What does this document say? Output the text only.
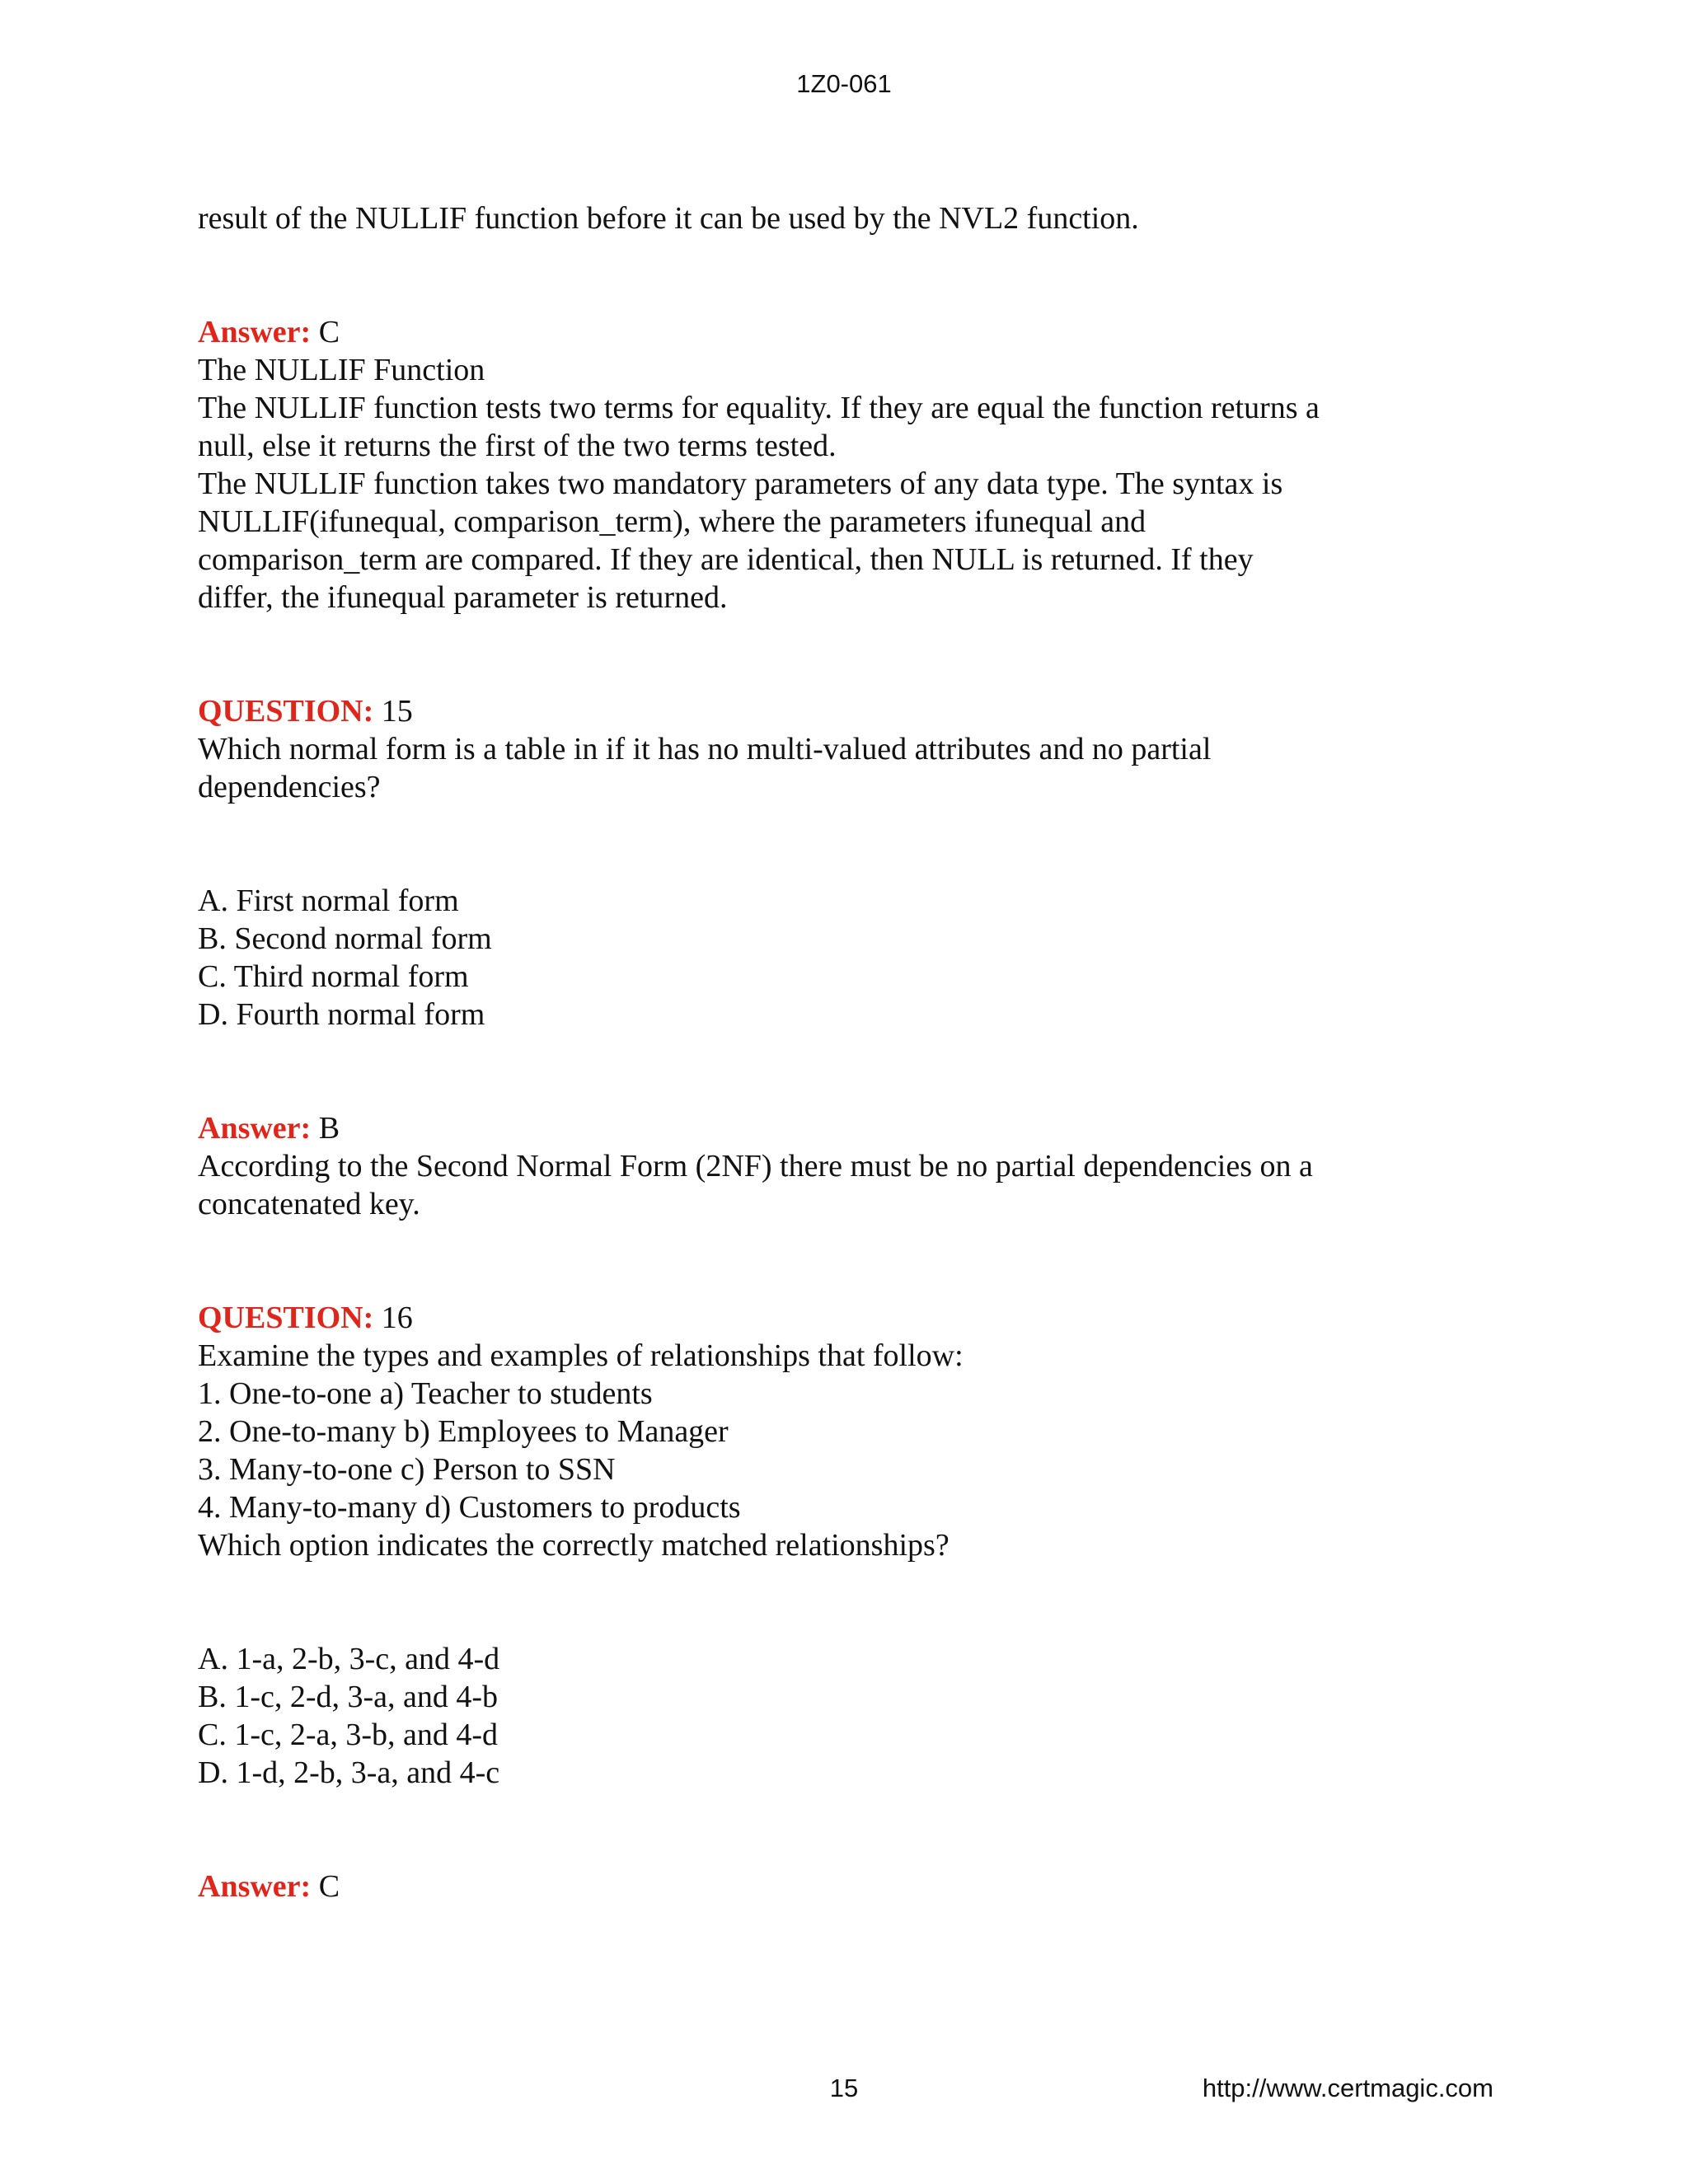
1Z0-061
result of the NULLIF function before it can be used by the NVL2 function.
Answer: C
The NULLIF Function
The NULLIF function tests two terms for equality. If they are equal the function returns a
null, else it returns the first of the two terms tested.
The NULLIF function takes two mandatory parameters of any data type. The syntax is
NULLIF(ifunequal, comparison_term), where the parameters ifunequal and
comparison_term are compared. If they are identical, then NULL is returned. If they
differ, the ifunequal parameter is returned.
QUESTION: 15
Which normal form is a table in if it has no multi-valued attributes and no partial
dependencies?
A. First normal form
B. Second normal form
C. Third normal form
D. Fourth normal form
Answer: B
According to the Second Normal Form (2NF) there must be no partial dependencies on a
concatenated key.
QUESTION: 16
Examine the types and examples of relationships that follow:
1. One-to-one a) Teacher to students
2. One-to-many b) Employees to Manager
3. Many-to-one c) Person to SSN
4. Many-to-many d) Customers to products
Which option indicates the correctly matched relationships?
A. 1-a, 2-b, 3-c, and 4-d
B. 1-c, 2-d, 3-a, and 4-b
C. 1-c, 2-a, 3-b, and 4-d
D. 1-d, 2-b, 3-a, and 4-c
Answer: C
15	http://www.certmagic.com
